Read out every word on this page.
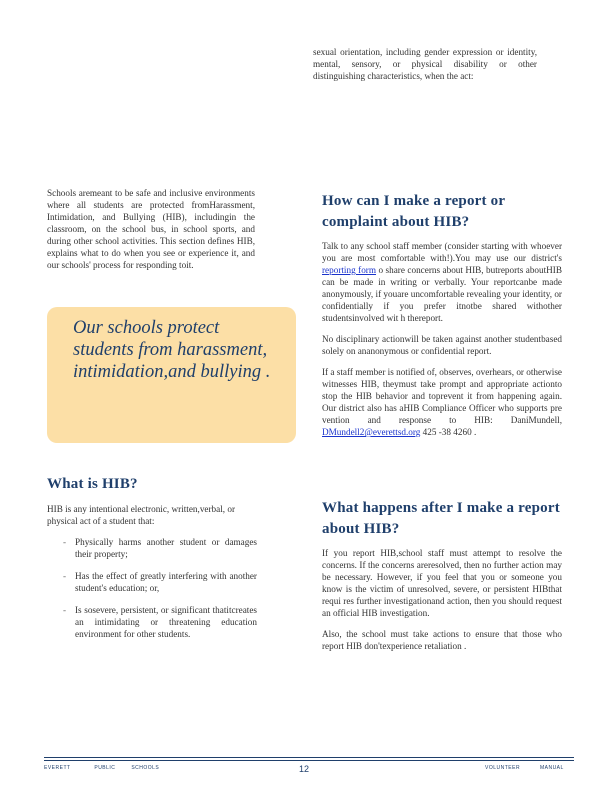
sexual orientation, including gender expression or identity, mental, sensory, or physical disability or other distinguishing characteristics, when the act:

Schools aremeant to be safe and inclusive environments where all students are protected fromHarassment, Intimidation, and Bullying (HIB), includingin the classroom, on the school bus, in school sports, and during other school activities. This section defines HIB, explains what to do when you see or experience it, and our schools' process for responding toit.

Our schools protect students from harassment, intimidation,and bullying .
What is HIB?

HIB is any intentional electronic, written,verbal, or physical act of a student that:

- Physically harms another student or damages their property;
- Has the effect of greatly interfering with another student's education; or,
- Is sosevere, persistent, or significant thatitcreates an intimidating or threatening education environment for other students.
How can I make a report or
complaint about HIB?

Talk to any school staff member (consider starting with whoever you are most comfortable with!).You may use our district's reporting form o share concerns about HIB, butreports aboutHIB can be made in writing or verbally. Your reportcanbe made anonymously, if youare uncomfortable revealing your identity, or confidentially if you prefer itnotbe shared withother studentsinvolved wit h thereport.

No disciplinary actionwill be taken against another studentbased solely on ananonymous or confidential report.

If a staff member is notified of, observes, overhears, or otherwise witnesses HIB, theymust take prompt and appropriate actionto stop the HIB behavior and toprevent it from happening again. Our district also has aHIB Compliance Officer who supports pre vention and response to HIB: DaniMundell, DMundell2@everettsd.org 425 -38 4260 .

What happens after I make a report
about HIB?

If you report HIB,school staff must attempt to resolve the concerns. If the concerns areresolved, then no further action may be necessary. However, if you feel that you or someone you know is the victim of unresolved, severe, or persistent HIBthat requi res further investigationand action, then you should request an official HIB investigation.

Also, the school must take actions to ensure that those who report HIB don'texperience retaliation .

EVERETT	PUBLIC	SCHOOLS	12	VOLUNTEER	MANUAL
